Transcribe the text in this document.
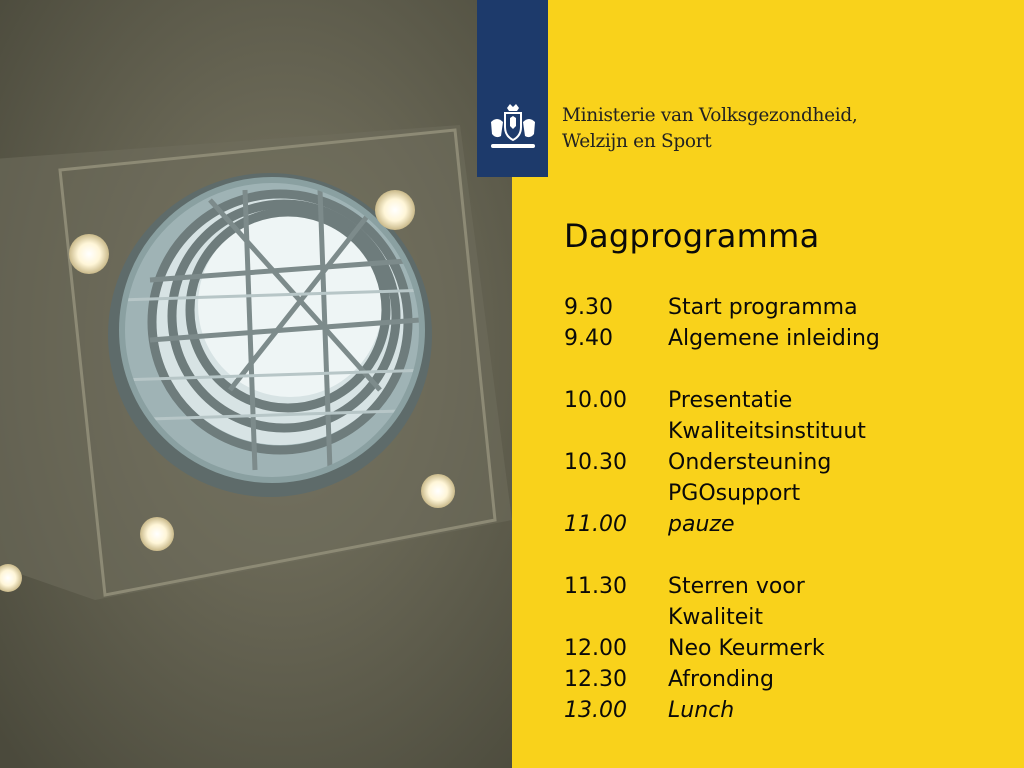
Ministerie van Volksgezondheid,
Welzijn en Sport
Dagprogramma
9.30	Start programma
9.40	Algemene inleiding
10.00	Presentatie
Kwaliteitsinstituut
10.30	Ondersteuning
PGOsupport
11.00	pauze
11.30	Sterren voor
Kwaliteit
12.00	Neo Keurmerk
12.30	Afronding
13.00	Lunch
